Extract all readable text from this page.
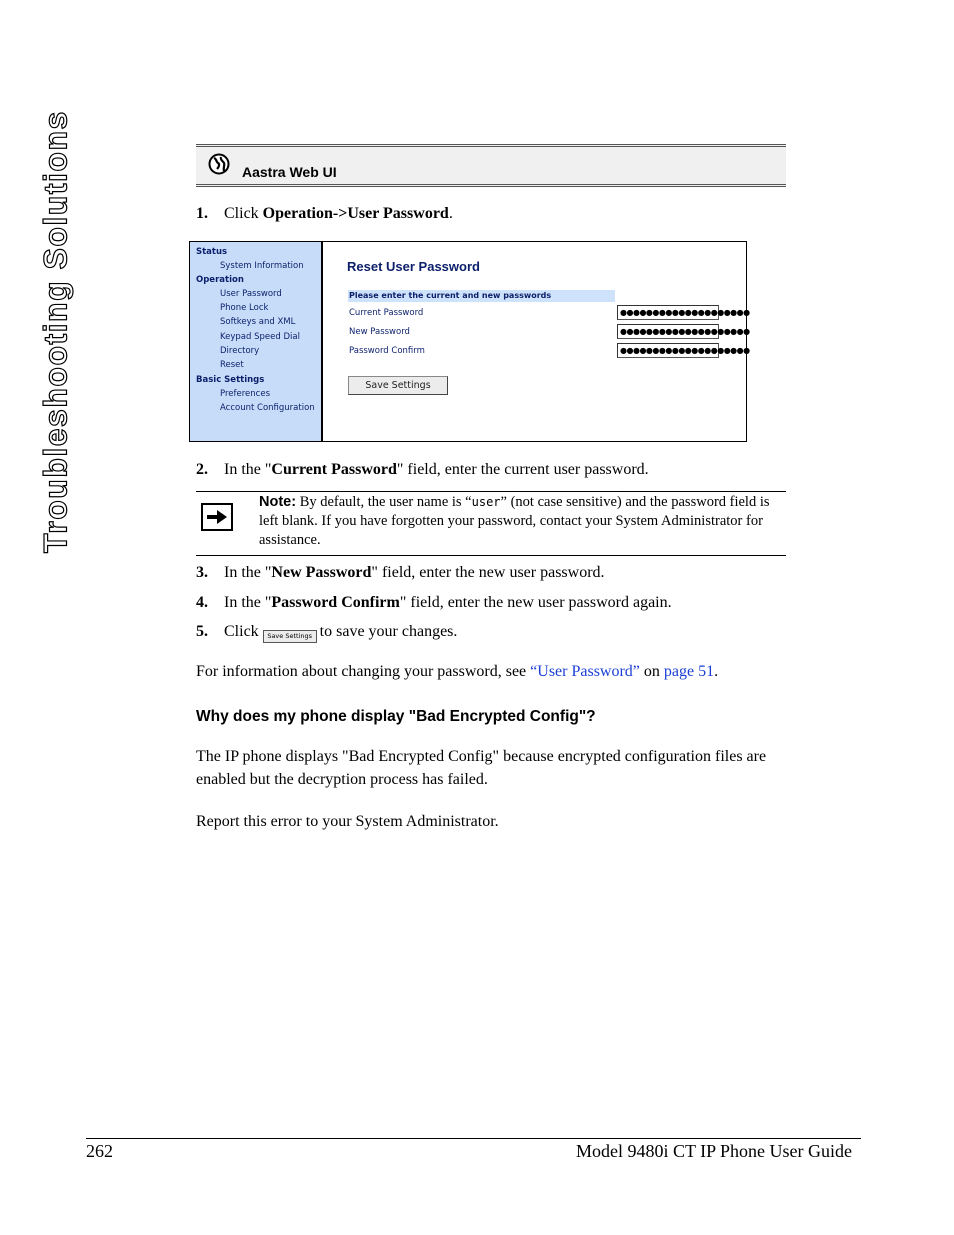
Troubleshooting Solutions	Aastra Web UI
1. Click Operation->User Password.
Status
System Information
Operation
User Password
Phone Lock
Softkeys and XML
Keypad Speed Dial
Directory
Reset
Basic Settings
Preferences
Account Configuration
Reset User Password
Please enter the current and new passwords
Current Password	●●●●●●●●●●●●●●●●●●●●
New Password	●●●●●●●●●●●●●●●●●●●●
Password Confirm	●●●●●●●●●●●●●●●●●●●●
Save Settings
2. In the "Current Password" field, enter the current user password.
Note: By default, the user name is “user” (not case sensitive) and the password field is left blank. If you have forgotten your password, contact your System Administrator for assistance.
3. In the "New Password" field, enter the new user password.
4. In the "Password Confirm" field, enter the new user password again.
5. Click Save Settings to save your changes.
For information about changing your password, see “User Password” on page 51.
Why does my phone display "Bad Encrypted Config"?
The IP phone displays "Bad Encrypted Config" because encrypted configuration files are enabled but the decryption process has failed.
Report this error to your System Administrator.
262	Model 9480i CT IP Phone User Guide
